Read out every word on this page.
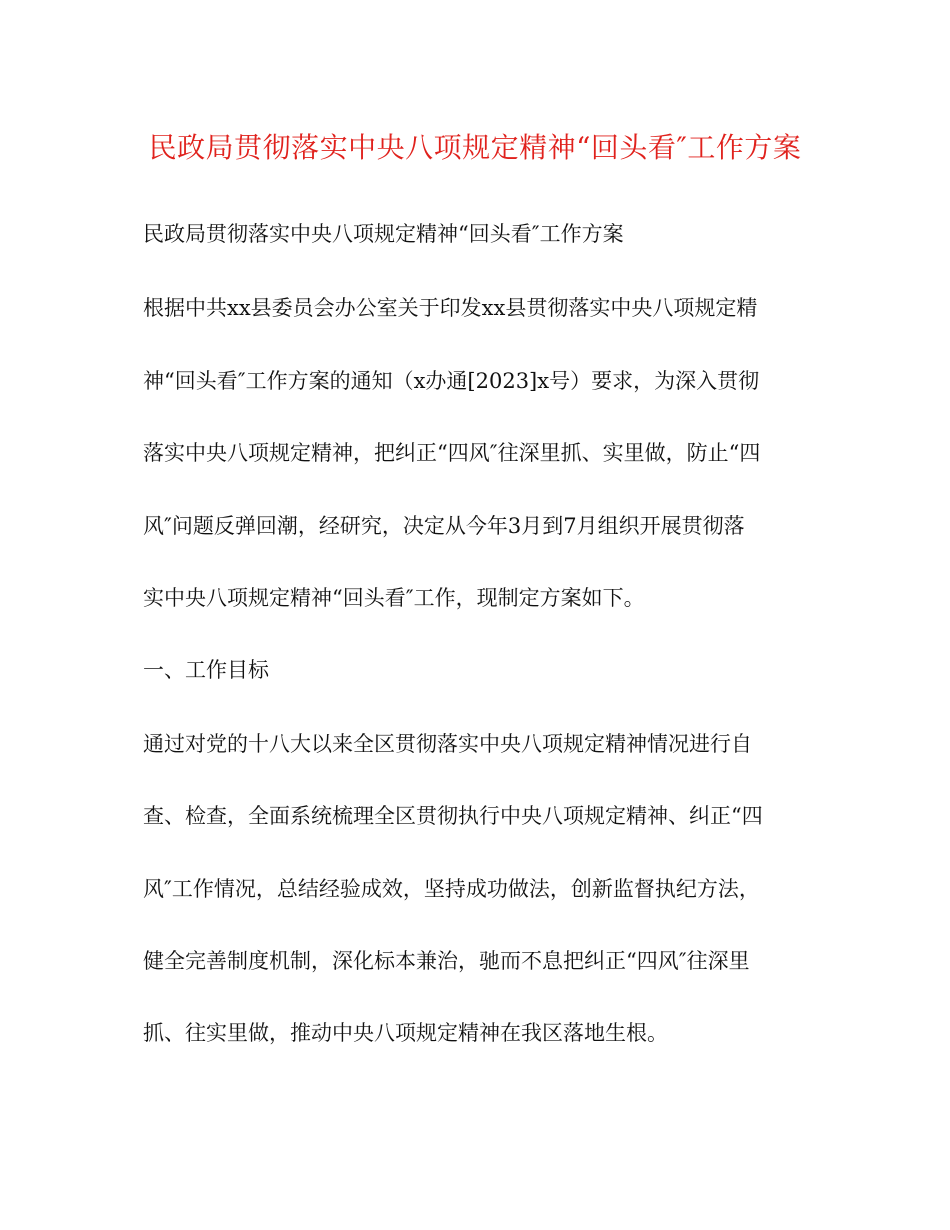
民政局贯彻落实中央八项规定精神“回头看″工作方案
民政局贯彻落实中央八项规定精神“回头看″工作方案
根据中共xx县委员会办公室关于印发xx县贯彻落实中央八项规定精
神“回头看″工作方案的通知（x办通[2023]x号）要求，为深入贯彻
落实中央八项规定精神，把纠正“四风″往深里抓、实里做，防止“四
风″问题反弹回潮，经研究，决定从今年3月到7月组织开展贯彻落
实中央八项规定精神“回头看″工作，现制定方案如下。
一、工作目标
通过对党的十八大以来全区贯彻落实中央八项规定精神情况进行自
查、检查，全面系统梳理全区贯彻执行中央八项规定精神、纠正“四
风″工作情况，总结经验成效，坚持成功做法，创新监督执纪方法，
健全完善制度机制，深化标本兼治，驰而不息把纠正“四风″往深里
抓、往实里做，推动中央八项规定精神在我区落地生根。
